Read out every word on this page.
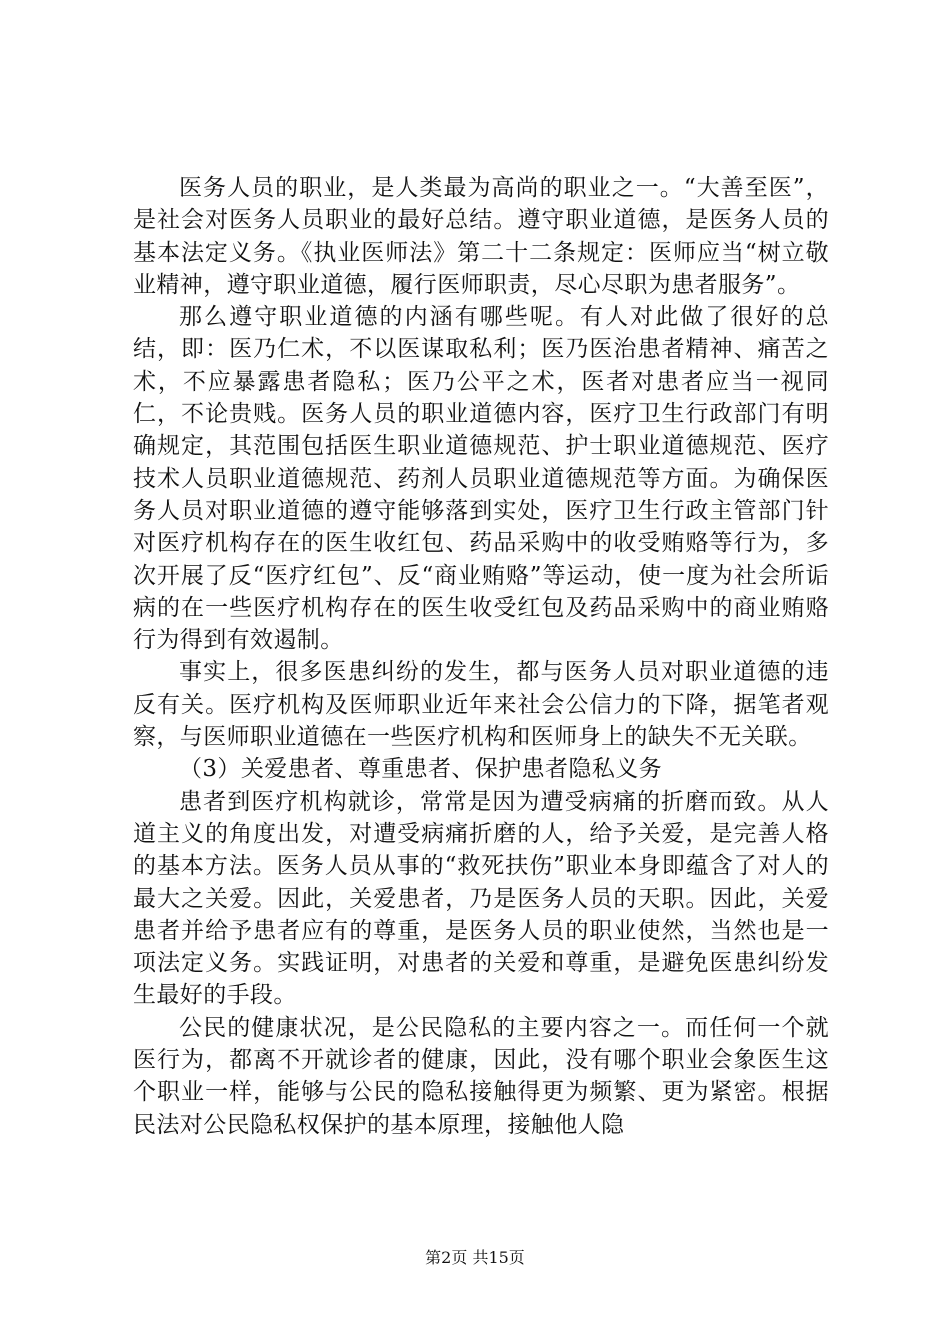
医务人员的职业，是人类最为高尚的职业之一。“大善至医”，是社会对医务人员职业的最好总结。遵守职业道德，是医务人员的基本法定义务。《执业医师法》第二十二条规定：医师应当“树立敬业精神，遵守职业道德，履行医师职责，尽心尽职为患者服务”。

那么遵守职业道德的内涵有哪些呢。有人对此做了很好的总结，即：医乃仁术，不以医谋取私利；医乃医治患者精神、痛苦之术，不应暴露患者隐私；医乃公平之术，医者对患者应当一视同仁，不论贵贱。医务人员的职业道德内容，医疗卫生行政部门有明确规定，其范围包括医生职业道德规范、护士职业道德规范、医疗技术人员职业道德规范、药剂人员职业道德规范等方面。为确保医务人员对职业道德的遵守能够落到实处，医疗卫生行政主管部门针对医疗机构存在的医生收红包、药品采购中的收受贿赂等行为，多次开展了反“医疗红包”、反“商业贿赂”等运动，使一度为社会所诟病的在一些医疗机构存在的医生收受红包及药品采购中的商业贿赂行为得到有效遏制。

事实上，很多医患纠纷的发生，都与医务人员对职业道德的违反有关。医疗机构及医师职业近年来社会公信力的下降，据笔者观察，与医师职业道德在一些医疗机构和医师身上的缺失不无关联。

（3）关爱患者、尊重患者、保护患者隐私义务

患者到医疗机构就诊，常常是因为遭受病痛的折磨而致。从人道主义的角度出发，对遭受病痛折磨的人，给予关爱，是完善人格的基本方法。医务人员从事的“救死扶伤”职业本身即蕴含了对人的最大之关爱。因此，关爱患者，乃是医务人员的天职。因此，关爱患者并给予患者应有的尊重，是医务人员的职业使然，当然也是一项法定义务。实践证明，对患者的关爱和尊重，是避免医患纠纷发生最好的手段。

公民的健康状况，是公民隐私的主要内容之一。而任何一个就医行为，都离不开就诊者的健康，因此，没有哪个职业会象医生这个职业一样，能够与公民的隐私接触得更为频繁、更为紧密。根据民法对公民隐私权保护的基本原理，接触他人隐

第2页 共15页
